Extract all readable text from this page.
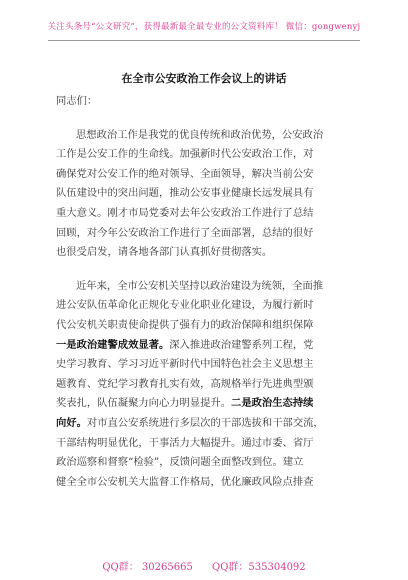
关注头条号“公文研究”，获得最新最全最专业的公文资料库！ 微信：gongwenyj
在全市公安政治工作会议上的讲话
同志们：
思想政治工作是我党的优良传统和政治优势，公安政治
工作是公安工作的生命线。加强新时代公安政治工作，对
确保党对公安工作的绝对领导、全面领导，解决当前公安
队伍建设中的突出问题，推动公安事业健康长远发展具有
重大意义。刚才市局党委对去年公安政治工作进行了总结
回顾，对今年公安政治工作进行了全面部署，总结的很好
也很受启发，请各地各部门认真抓好贯彻落实。
近年来，全市公安机关坚持以政治建设为统领，全面推
进公安队伍革命化正规化专业化职业化建设，为履行新时
代公安机关职责使命提供了强有力的政治保障和组织保障
一是政治建警成效显著。深入推进政治建警系列工程，党
史学习教育、学习习近平新时代中国特色社会主义思想主
题教育、党纪学习教育扎实有效，高规格举行先进典型颁
奖表扎，队伍凝聚力向心力明显提升。二是政治生态持续
向好。对市直公安系统进行多层次的干部选拔和干部交流，
干部结构明显优化，干事活力大幅提升。通过市委、省厅
政治巡察和督察“检验”，反馈问题全面整改到位。建立
健全全市公安机关大监督工作格局，优化廉政风险点排查
QQ群： 30265665 QQ群：535304092
